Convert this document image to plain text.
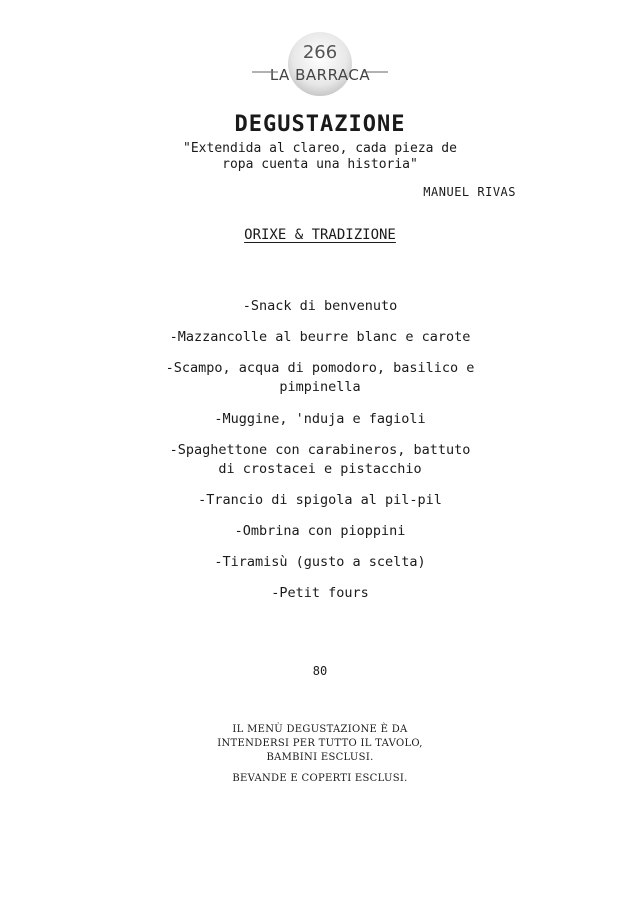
266
LA BARRACA
DEGUSTAZIONE
"Extendida al clareo, cada pieza de ropa cuenta una historia"
MANUEL RIVAS
ORIXE & TRADIZIONE
-Snack di benvenuto
-Mazzancolle al beurre blanc e carote
-Scampo, acqua di pomodoro, basilico e pimpinella
-Muggine, 'nduja e fagioli
-Spaghettone con carabineros, battuto di crostacei e pistacchio
-Trancio di spigola al pil-pil
-Ombrina con pioppini
-Tiramisù (gusto a scelta)
-Petit fours
80
IL MENÙ DEGUSTAZIONE È DA INTENDERSI PER TUTTO IL TAVOLO, BAMBINI ESCLUSI.
BEVANDE E COPERTI ESCLUSI.
